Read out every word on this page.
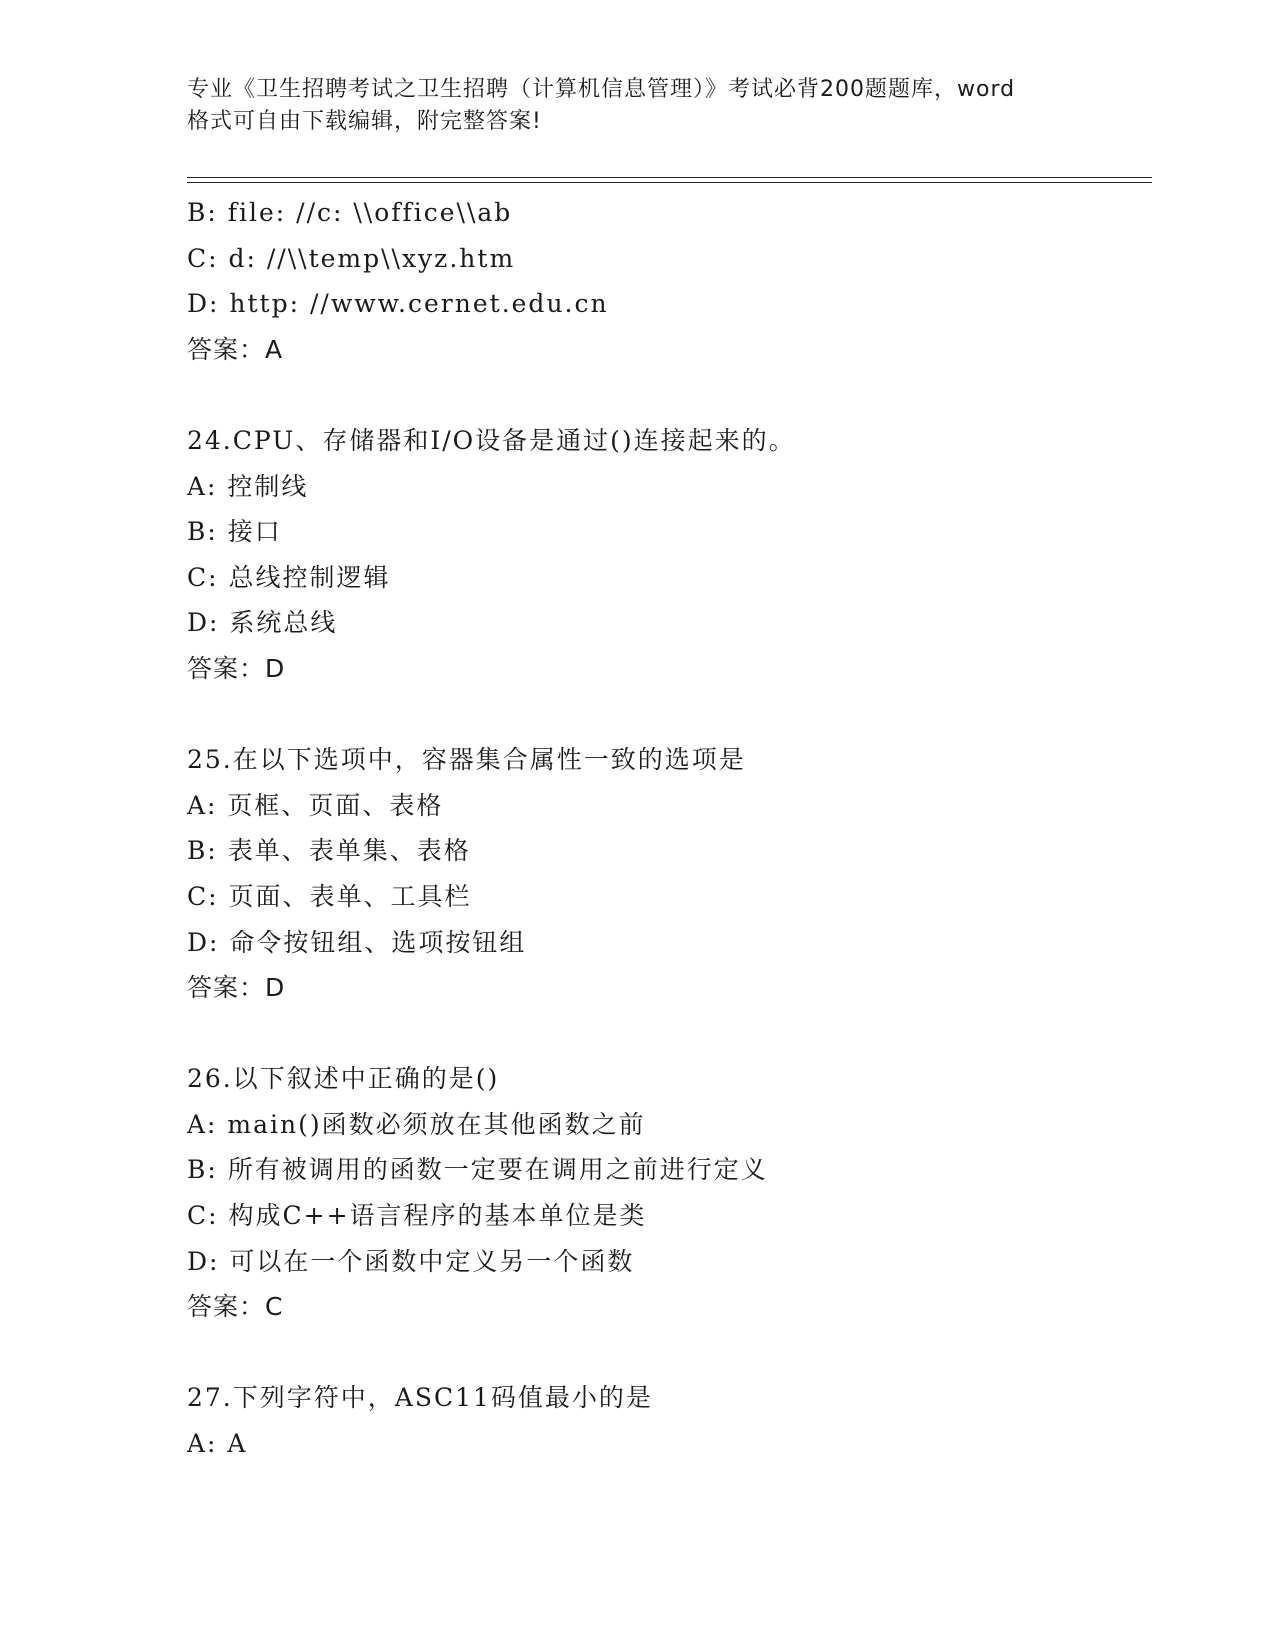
专业《卫生招聘考试之卫生招聘（计算机信息管理）》考试必背200题题库，word
格式可自由下载编辑，附完整答案!
B: file: //c: \\office\\ab
C: d: //\\temp\\xyz.htm
D: http: //www.cernet.edu.cn
答案：A
24.CPU、存储器和I/O设备是通过()连接起来的。
A: 控制线
B: 接口
C: 总线控制逻辑
D: 系统总线
答案：D
25.在以下选项中，容器集合属性一致的选项是
A: 页框、页面、表格
B: 表单、表单集、表格
C: 页面、表单、工具栏
D: 命令按钮组、选项按钮组
答案：D
26.以下叙述中正确的是()
A: main()函数必须放在其他函数之前
B: 所有被调用的函数一定要在调用之前进行定义
C: 构成C++语言程序的基本单位是类
D: 可以在一个函数中定义另一个函数
答案：C
27.下列字符中，ASC11码值最小的是
A: A
